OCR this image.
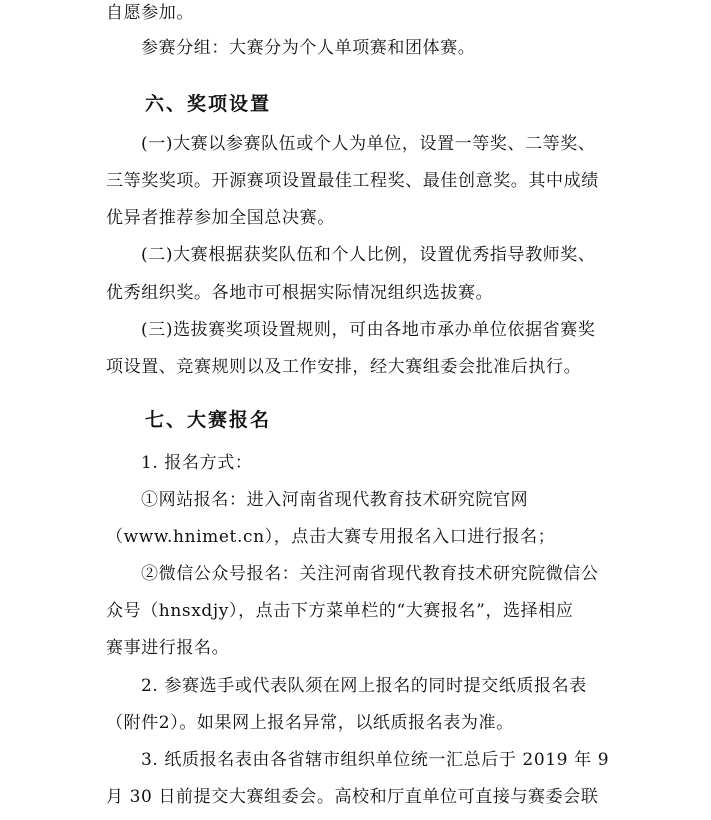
自愿参加。
参赛分组：大赛分为个人单项赛和团体赛。
六、奖项设置
(一)大赛以参赛队伍或个人为单位，设置一等奖、二等奖、
三等奖奖项。开源赛项设置最佳工程奖、最佳创意奖。其中成绩
优异者推荐参加全国总决赛。
(二)大赛根据获奖队伍和个人比例，设置优秀指导教师奖、
优秀组织奖。各地市可根据实际情况组织选拔赛。
(三)选拔赛奖项设置规则，可由各地市承办单位依据省赛奖
项设置、竞赛规则以及工作安排，经大赛组委会批准后执行。
七、大赛报名
1. 报名方式：
①网站报名：进入河南省现代教育技术研究院官网
（www.hnimet.cn），点击大赛专用报名入口进行报名；
②微信公众号报名：关注河南省现代教育技术研究院微信公
众号（hnsxdjy），点击下方菜单栏的“大赛报名”，选择相应
赛事进行报名。
2. 参赛选手或代表队须在网上报名的同时提交纸质报名表
（附件2）。如果网上报名异常，以纸质报名表为准。
3. 纸质报名表由各省辖市组织单位统一汇总后于 2019 年 9
月 30 日前提交大赛组委会。高校和厅直单位可直接与赛委会联
